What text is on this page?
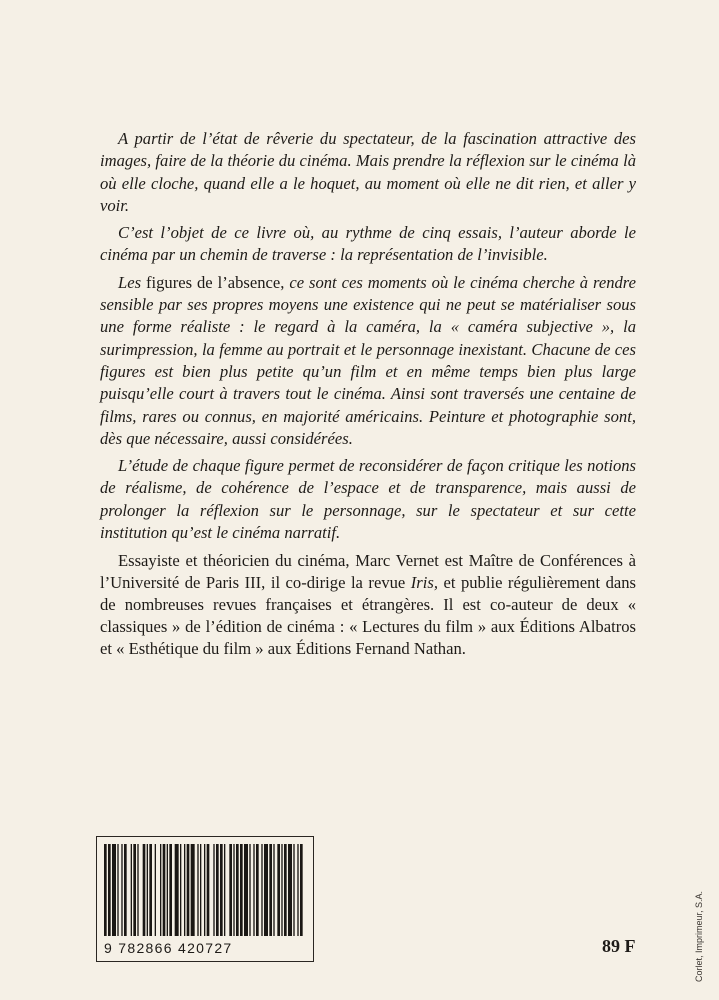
A partir de l’état de rêverie du spectateur, de la fascination attractive des images, faire de la théorie du cinéma. Mais prendre la réflexion sur le cinéma là où elle cloche, quand elle a le hoquet, au moment où elle ne dit rien, et aller y voir.

C’est l’objet de ce livre où, au rythme de cinq essais, l’auteur aborde le cinéma par un chemin de traverse : la représentation de l’invisible.

Les figures de l’absence, ce sont ces moments où le cinéma cherche à rendre sensible par ses propres moyens une existence qui ne peut se matérialiser sous une forme réaliste : le regard à la caméra, la « caméra subjective », la surimpression, la femme au portrait et le personnage inexistant. Chacune de ces figures est bien plus petite qu’un film et en même temps bien plus large puisqu’elle court à travers tout le cinéma. Ainsi sont traversés une centaine de films, rares ou connus, en majorité américains. Peinture et photographie sont, dès que nécessaire, aussi considérées.

L’étude de chaque figure permet de reconsidérer de façon critique les notions de réalisme, de cohérence de l’espace et de transparence, mais aussi de prolonger la réflexion sur le personnage, sur le spectateur et sur cette institution qu’est le cinéma narratif.

Essayiste et théoricien du cinéma, Marc Vernet est Maître de Conférences à l’Université de Paris III, il co-dirige la revue Iris, et publie régulièrement dans de nombreuses revues françaises et étrangères. Il est co-auteur de deux « classiques » de l’édition de cinéma : « Lectures du film » aux Éditions Albatros et « Esthétique du film » aux Éditions Fernand Nathan.

9 782866 420727	89 F	Corlet, Imprimeur, S.A.
